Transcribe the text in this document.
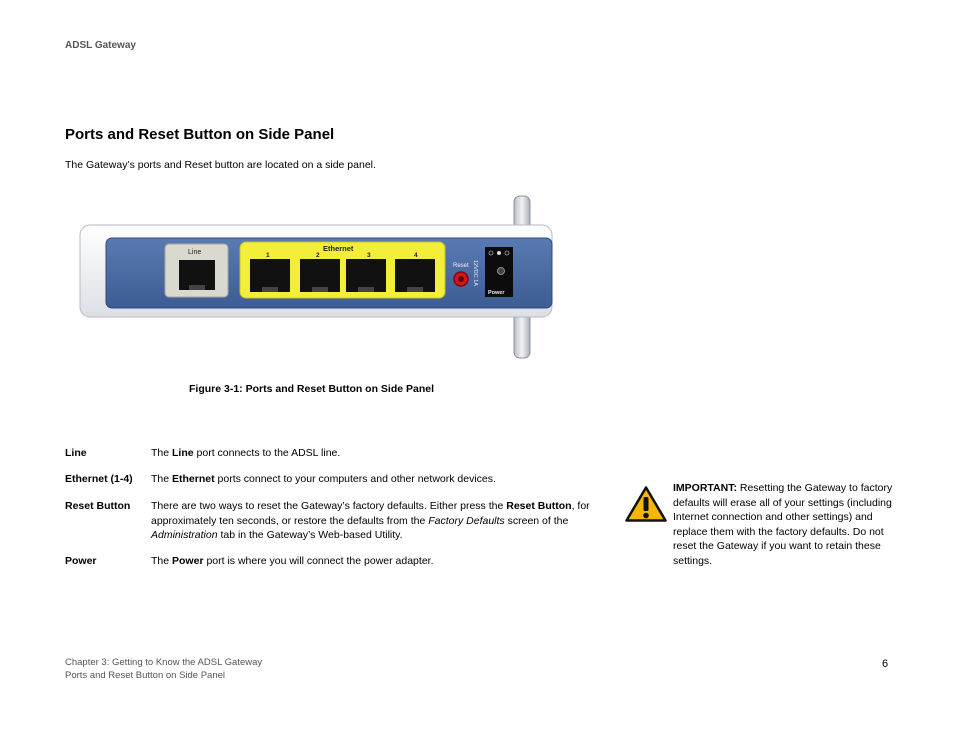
ADSL Gateway
Ports and Reset Button on Side Panel
The Gateway’s ports and Reset button are located on a side panel.
Line	Ethernet
1	2	3	4
Reset 12VDC 1A
Power
Figure 3-1: Ports and Reset Button on Side Panel
Line	The Line port connects to the ADSL line.
Ethernet (1-4)	The Ethernet ports connect to your computers and other network devices.
Reset Button	There are two ways to reset the Gateway’s factory defaults. Either press the Reset Button, for approximately ten seconds, or restore the defaults from the Factory Defaults screen of the Administration tab in the Gateway’s Web-based Utility.
Power	The Power port is where you will connect the power adapter.
IMPORTANT: Resetting the Gateway to factory defaults will erase all of your settings (including Internet connection and other settings) and replace them with the factory defaults. Do not reset the Gateway if you want to retain these settings.
Chapter 3: Getting to Know the ADSL Gateway
Ports and Reset Button on Side Panel
6
